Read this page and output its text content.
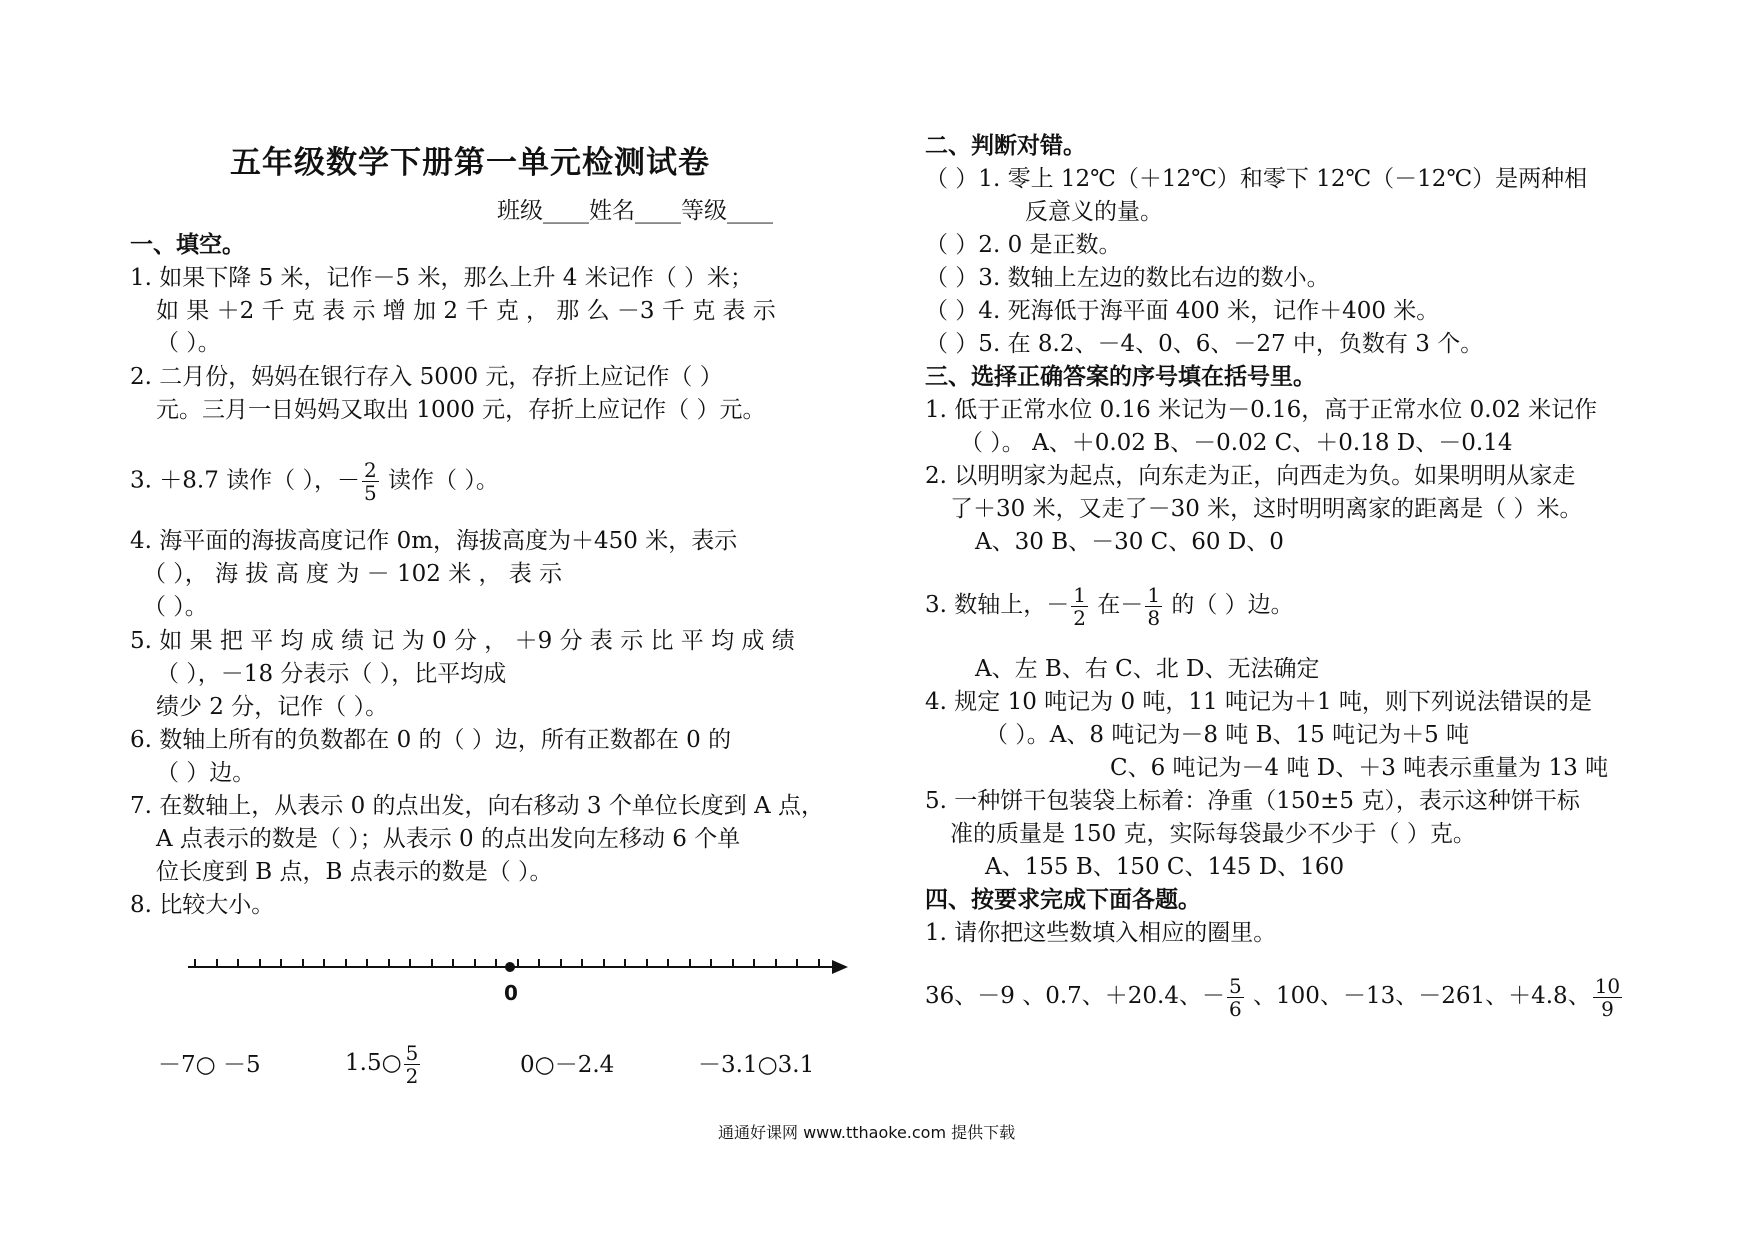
五年级数学下册第一单元检测试卷
班级____姓名____等级____
一、填空。
1. 如果下降 5 米，记作－5 米，那么上升 4 米记作（ ）米；
如 果 ＋2 千 克 表 示 增 加 2 千 克 ， 那 么 －3 千 克 表 示
（ ）。
2. 二月份，妈妈在银行存入 5000 元，存折上应记作（ ）
元。三月一日妈妈又取出 1000 元，存折上应记作（ ）元。
3. ＋8.7 读作（ ），－ $\frac{2}{5}$ 读作（ ）。
4. 海平面的海拔高度记作 0m，海拔高度为＋450 米，表示
（ ）， 海 拔 高 度 为 － 102 米 ， 表 示
（ ）。
5. 如 果 把 平 均 成 绩 记 为 0 分 ， ＋9 分 表 示 比 平 均 成 绩
（ ），－18 分表示（ ），比平均成
绩少 2 分，记作（ ）。
6. 数轴上所有的负数都在 0 的（ ）边，所有正数都在 0 的
（ ）边。
7. 在数轴上，从表示 0 的点出发，向右移动 3 个单位长度到 A 点，
A 点表示的数是（ ）；从表示 0 的点出发向左移动 6 个单
位长度到 B 点，B 点表示的数是（ ）。
8. 比较大小。
0
－7○ －5	1.5○ $\frac{5}{2}$	0○－2.4	－3.1○3.1
二、判断对错。
（ ）1. 零上 12℃（＋12℃）和零下 12℃（－12℃）是两种相
反意义的量。
（ ）2. 0 是正数。
（ ）3. 数轴上左边的数比右边的数小。
（ ）4. 死海低于海平面 400 米，记作＋400 米。
（ ）5. 在 8.2、－4、0、6、－27 中，负数有 3 个。
三、选择正确答案的序号填在括号里。
1. 低于正常水位 0.16 米记为－0.16，高于正常水位 0.02 米记作
（ ）。 A、＋0.02 B、－0.02 C、＋0.18 D、－0.14
2. 以明明家为起点，向东走为正，向西走为负。如果明明从家走
了＋30 米，又走了－30 米，这时明明离家的距离是（ ）米。
A、30 B、－30 C、60 D、0
3. 数轴上，－ $\frac{1}{2}$ 在－ $\frac{1}{8}$ 的（ ）边。
A、左 B、右 C、北 D、无法确定
4. 规定 10 吨记为 0 吨，11 吨记为＋1 吨，则下列说法错误的是
（ ）。A、8 吨记为－8 吨 B、15 吨记为＋5 吨
C、6 吨记为－4 吨 D、＋3 吨表示重量为 13 吨
5. 一种饼干包装袋上标着：净重（150±5 克），表示这种饼干标
准的质量是 150 克，实际每袋最少不少于（ ）克。
A、155 B、150 C、145 D、160
四、按要求完成下面各题。
1. 请你把这些数填入相应的圈里。
36、－9 、0.7、＋20.4、－ $\frac{5}{6}$ 、100、－13、－261、＋4.8、 $\frac{10}{9}$
通通好课网 www.tthaoke.com 提供下载
